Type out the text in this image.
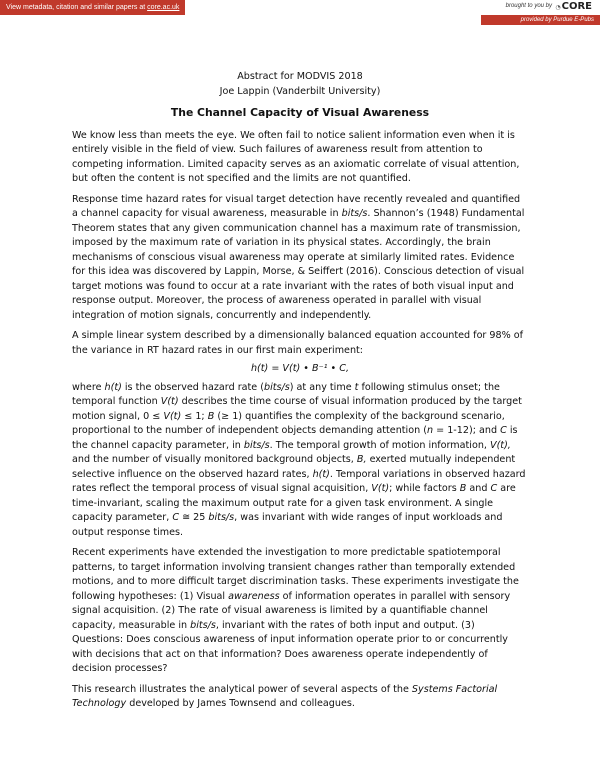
View metadata, citation and similar papers at core.ac.uk	brought to you by ◔CORE
provided by Purdue E-Pubs

Abstract for MODVIS 2018

Joe Lappin (Vanderbilt University)

The Channel Capacity of Visual Awareness

We know less than meets the eye. We often fail to notice salient information even when it is entirely visible in the field of view. Such failures of awareness result from attention to competing information. Limited capacity serves as an axiomatic correlate of visual attention, but often the content is not specified and the limits are not quantified.

Response time hazard rates for visual target detection have recently revealed and quantified a channel capacity for visual awareness, measurable in bits/s. Shannon’s (1948) Fundamental Theorem states that any given communication channel has a maximum rate of transmission, imposed by the maximum rate of variation in its physical states. Accordingly, the brain mechanisms of conscious visual awareness may operate at similarly limited rates. Evidence for this idea was discovered by Lappin, Morse, & Seiffert (2016). Conscious detection of visual target motions was found to occur at a rate invariant with the rates of both visual input and response output. Moreover, the process of awareness operated in parallel with visual integration of motion signals, concurrently and independently.

A simple linear system described by a dimensionally balanced equation accounted for 98% of the variance in RT hazard rates in our first main experiment:

h(t) = V(t) • B⁻¹ • C,

where h(t) is the observed hazard rate (bits/s) at any time t following stimulus onset; the temporal function V(t) describes the time course of visual information produced by the target motion signal, 0 ≤ V(t) ≤ 1; B (≥ 1) quantifies the complexity of the background scenario, proportional to the number of independent objects demanding attention (n = 1-12); and C is the channel capacity parameter, in bits/s. The temporal growth of motion information, V(t), and the number of visually monitored background objects, B, exerted mutually independent selective influence on the observed hazard rates, h(t). Temporal variations in observed hazard rates reflect the temporal process of visual signal acquisition, V(t); while factors B and C are time-invariant, scaling the maximum output rate for a given task environment. A single capacity parameter, C ≅ 25 bits/s, was invariant with wide ranges of input workloads and output response times.

Recent experiments have extended the investigation to more predictable spatiotemporal patterns, to target information involving transient changes rather than temporally extended motions, and to more difficult target discrimination tasks. These experiments investigate the following hypotheses: (1) Visual awareness of information operates in parallel with sensory signal acquisition. (2) The rate of visual awareness is limited by a quantifiable channel capacity, measurable in bits/s, invariant with the rates of both input and output. (3) Questions: Does conscious awareness of input information operate prior to or concurrently with decisions that act on that information? Does awareness operate independently of decision processes?

This research illustrates the analytical power of several aspects of the Systems Factorial Technology developed by James Townsend and colleagues.
